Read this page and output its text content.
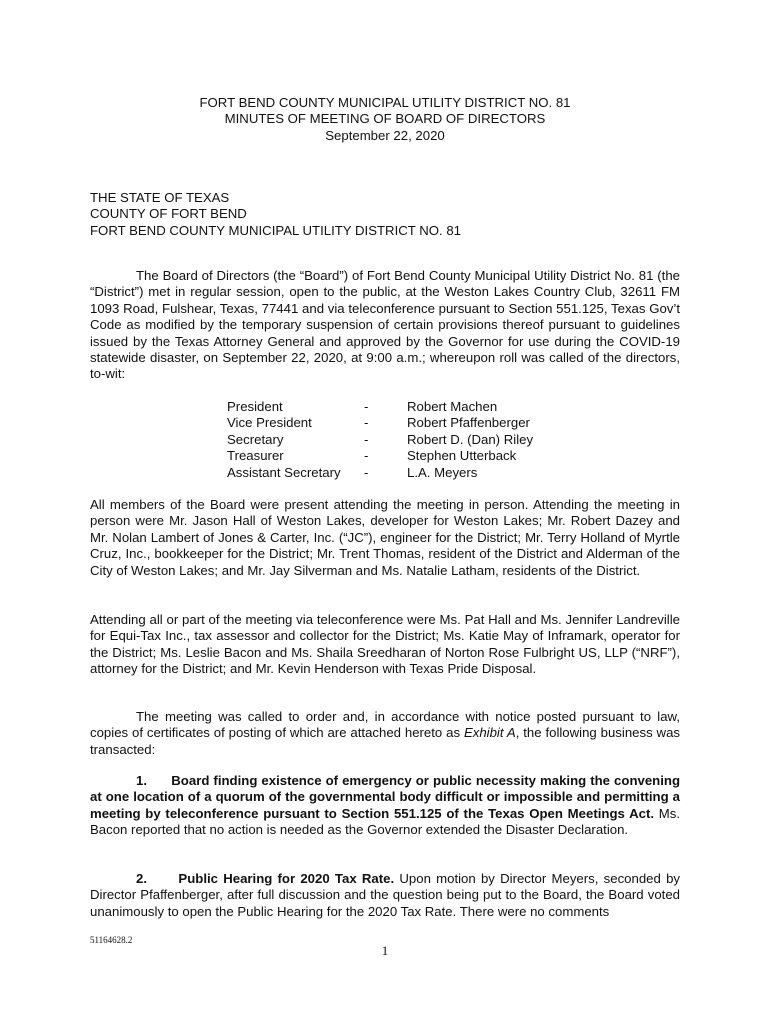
FORT BEND COUNTY MUNICIPAL UTILITY DISTRICT NO. 81
MINUTES OF MEETING OF BOARD OF DIRECTORS
September 22, 2020
THE STATE OF TEXAS
COUNTY OF FORT BEND
FORT BEND COUNTY MUNICIPAL UTILITY DISTRICT NO. 81
The Board of Directors (the “Board”) of Fort Bend County Municipal Utility District No. 81 (the “District”) met in regular session, open to the public, at the Weston Lakes Country Club, 32611 FM 1093 Road, Fulshear, Texas, 77441 and via teleconference pursuant to Section 551.125, Texas Gov’t Code as modified by the temporary suspension of certain provisions thereof pursuant to guidelines issued by the Texas Attorney General and approved by the Governor for use during the COVID-19 statewide disaster, on September 22, 2020, at 9:00 a.m.; whereupon roll was called of the directors, to-wit:
President	-	Robert Machen
Vice President	-	Robert Pfaffenberger
Secretary	-	Robert D. (Dan) Riley
Treasurer	-	Stephen Utterback
Assistant Secretary -	L.A. Meyers
All members of the Board were present attending the meeting in person. Attending the meeting in person were Mr. Jason Hall of Weston Lakes, developer for Weston Lakes; Mr. Robert Dazey and Mr. Nolan Lambert of Jones & Carter, Inc. (“JC”), engineer for the District; Mr. Terry Holland of Myrtle Cruz, Inc., bookkeeper for the District; Mr. Trent Thomas, resident of the District and Alderman of the City of Weston Lakes; and Mr. Jay Silverman and Ms. Natalie Latham, residents of the District.
Attending all or part of the meeting via teleconference were Ms. Pat Hall and Ms. Jennifer Landreville for Equi-Tax Inc., tax assessor and collector for the District; Ms. Katie May of Inframark, operator for the District; Ms. Leslie Bacon and Ms. Shaila Sreedharan of Norton Rose Fulbright US, LLP (“NRF”), attorney for the District; and Mr. Kevin Henderson with Texas Pride Disposal.
The meeting was called to order and, in accordance with notice posted pursuant to law, copies of certificates of posting of which are attached hereto as Exhibit A, the following business was transacted:
1. Board finding existence of emergency or public necessity making the convening at one location of a quorum of the governmental body difficult or impossible and permitting a meeting by teleconference pursuant to Section 551.125 of the Texas Open Meetings Act. Ms. Bacon reported that no action is needed as the Governor extended the Disaster Declaration.
2. Public Hearing for 2020 Tax Rate. Upon motion by Director Meyers, seconded by Director Pfaffenberger, after full discussion and the question being put to the Board, the Board voted unanimously to open the Public Hearing for the 2020 Tax Rate. There were no comments
51164628.2
1
